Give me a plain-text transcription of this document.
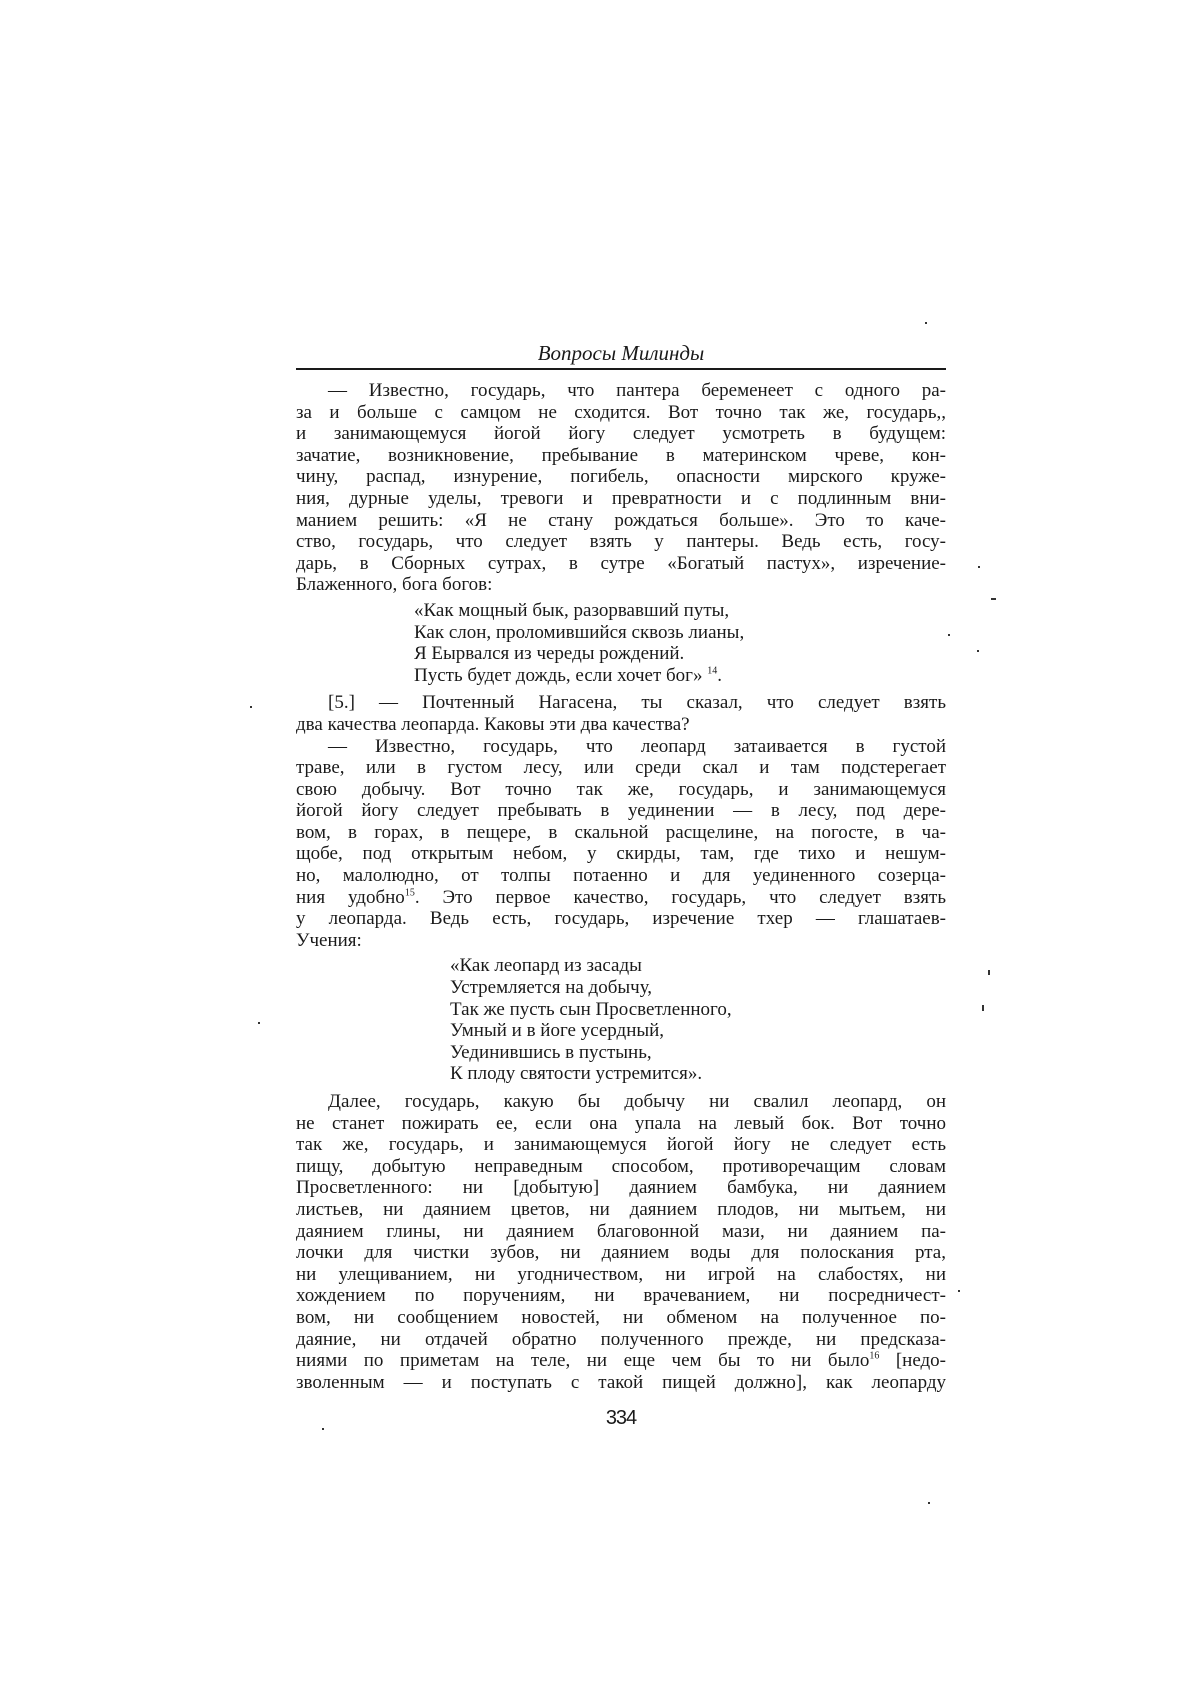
Вопросы Милинды
— Известно, государь, что пантера беременеет с одного ра-
за и больше с самцом не сходится. Вот точно так же, государь,,
и занимающемуся йогой йогу следует усмотреть в будущем:
зачатие, возникновение, пребывание в материнском чреве, кон-
чину, распад, изнурение, погибель, опасности мирского круже-
ния, дурные уделы, тревоги и превратности и с подлинным вни-
манием решить: «Я не стану рождаться больше». Это то каче-
ство, государь, что следует взять у пантеры. Ведь есть, госу-
дарь, в Сборных сутрах, в сутре «Богатый пастух», изречение-
Блаженного, бога богов:
«Как мощный бык, разорвавший путы,
Как слон, проломившийся сквозь лианы,
Я Еырвался из череды рождений.
Пусть будет дождь, если хочет бог» $^{14}$.
[5.] — Почтенный Нагасена, ты сказал, что следует взять
два качества леопарда. Каковы эти два качества?
— Известно, государь, что леопард затаивается в густой
траве, или в густом лесу, или среди скал и там подстерегает
свою добычу. Вот точно так же, государь, и занимающемуся
йогой йогу следует пребывать в уединении — в лесу, под дере-
вом, в горах, в пещере, в скальной расщелине, на погосте, в ча-
щобе, под открытым небом, у скирды, там, где тихо и нешум-
но, малолюдно, от толпы потаенно и для уединенного созерца-
ния удобно$^{15}$. Это первое качество, государь, что следует взять
у леопарда. Ведь есть, государь, изречение тхер — глашатаев-
Учения:
«Как леопард из засады
Устремляется на добычу,
Так же пусть сын Просветленного,
Умный и в йоге усердный,
Уединившись в пустынь,
К плоду святости устремится».
Далее, государь, какую бы добычу ни свалил леопард, он
не станет пожирать ее, если она упала на левый бок. Вот точно
так же, государь, и занимающемуся йогой йогу не следует есть
пищу, добытую неправедным способом, противоречащим словам
Просветленного: ни [добытую] даянием бамбука, ни даянием
листьев, ни даянием цветов, ни даянием плодов, ни мытьем, ни
даянием глины, ни даянием благовонной мази, ни даянием па-
лочки для чистки зубов, ни даянием воды для полоскания рта,
ни улещиванием, ни угодничеством, ни игрой на слабостях, ни
хождением по поручениям, ни врачеванием, ни посредничест-
вом, ни сообщением новостей, ни обменом на полученное по-
даяние, ни отдачей обратно полученного прежде, ни предсказа-
ниями по приметам на теле, ни еще чем бы то ни было$^{16}$ [недо-
зволенным — и поступать с такой пищей должно], как леопарду
334
